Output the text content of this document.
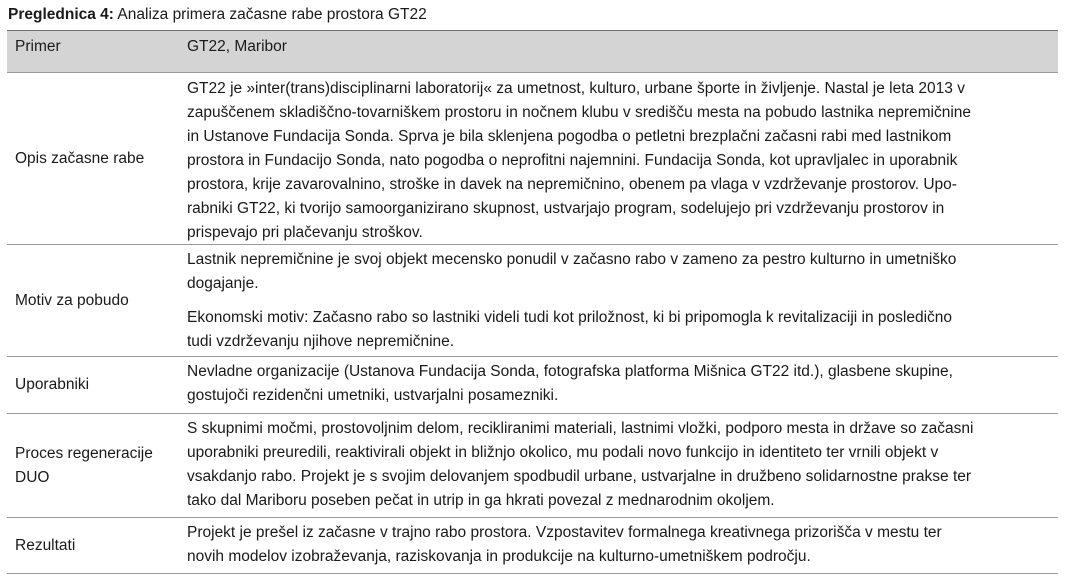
Preglednica 4: Analiza primera začasne rabe prostora GT22
Primer	GT22, Maribor
Opis začasne rabe

GT22 je »inter(trans)disciplinarni laboratorij« za umetnost, kulturo, urbane športe in življenje. Nastal je leta 2013 v

zapuščenem skladiščno-tovarniškem prostoru in nočnem klubu v središču mesta na pobudo lastnika nepremičnine

in Ustanove Fundacija Sonda. Sprva je bila sklenjena pogodba o petletni brezplačni začasni rabi med lastnikom

prostora in Fundacijo Sonda, nato pogodba o neprofitni najemnini. Fundacija Sonda, kot upravljalec in uporabnik

prostora, krije zavarovalnino, stroške in davek na nepremičnino, obenem pa vlaga v vzdrževanje prostorov. Upo-

rabniki GT22, ki tvorijo samoorganizirano skupnost, ustvarjajo program, sodelujejo pri vzdrževanju prostorov in

prispevajo pri plačevanju stroškov.

Motiv za pobudo

Lastnik nepremičnine je svoj objekt mecensko ponudil v začasno rabo v zameno za pestro kulturno in umetniško

dogajanje.

Ekonomski motiv: Začasno rabo so lastniki videli tudi kot priložnost, ki bi pripomogla k revitalizaciji in posledično

tudi vzdrževanju njihove nepremičnine.

Uporabniki

Nevladne organizacije (Ustanova Fundacija Sonda, fotografska platforma Mišnica GT22 itd.), glasbene skupine,

gostujoči rezidenčni umetniki, ustvarjalni posamezniki.

Proces regeneracije
DUO

S skupnimi močmi, prostovoljnim delom, recikliranimi materiali, lastnimi vložki, podporo mesta in države so začasni

uporabniki preuredili, reaktivirali objekt in bližnjo okolico, mu podali novo funkcijo in identiteto ter vrnili objekt v

vsakdanjo rabo. Projekt je s svojim delovanjem spodbudil urbane, ustvarjalne in družbeno solidarnostne prakse ter

tako dal Mariboru poseben pečat in utrip in ga hkrati povezal z mednarodnim okoljem.

Rezultati

Projekt je prešel iz začasne v trajno rabo prostora. Vzpostavitev formalnega kreativnega prizorišča v mestu ter

novih modelov izobraževanja, raziskovanja in produkcije na kulturno-umetniškem področju.
